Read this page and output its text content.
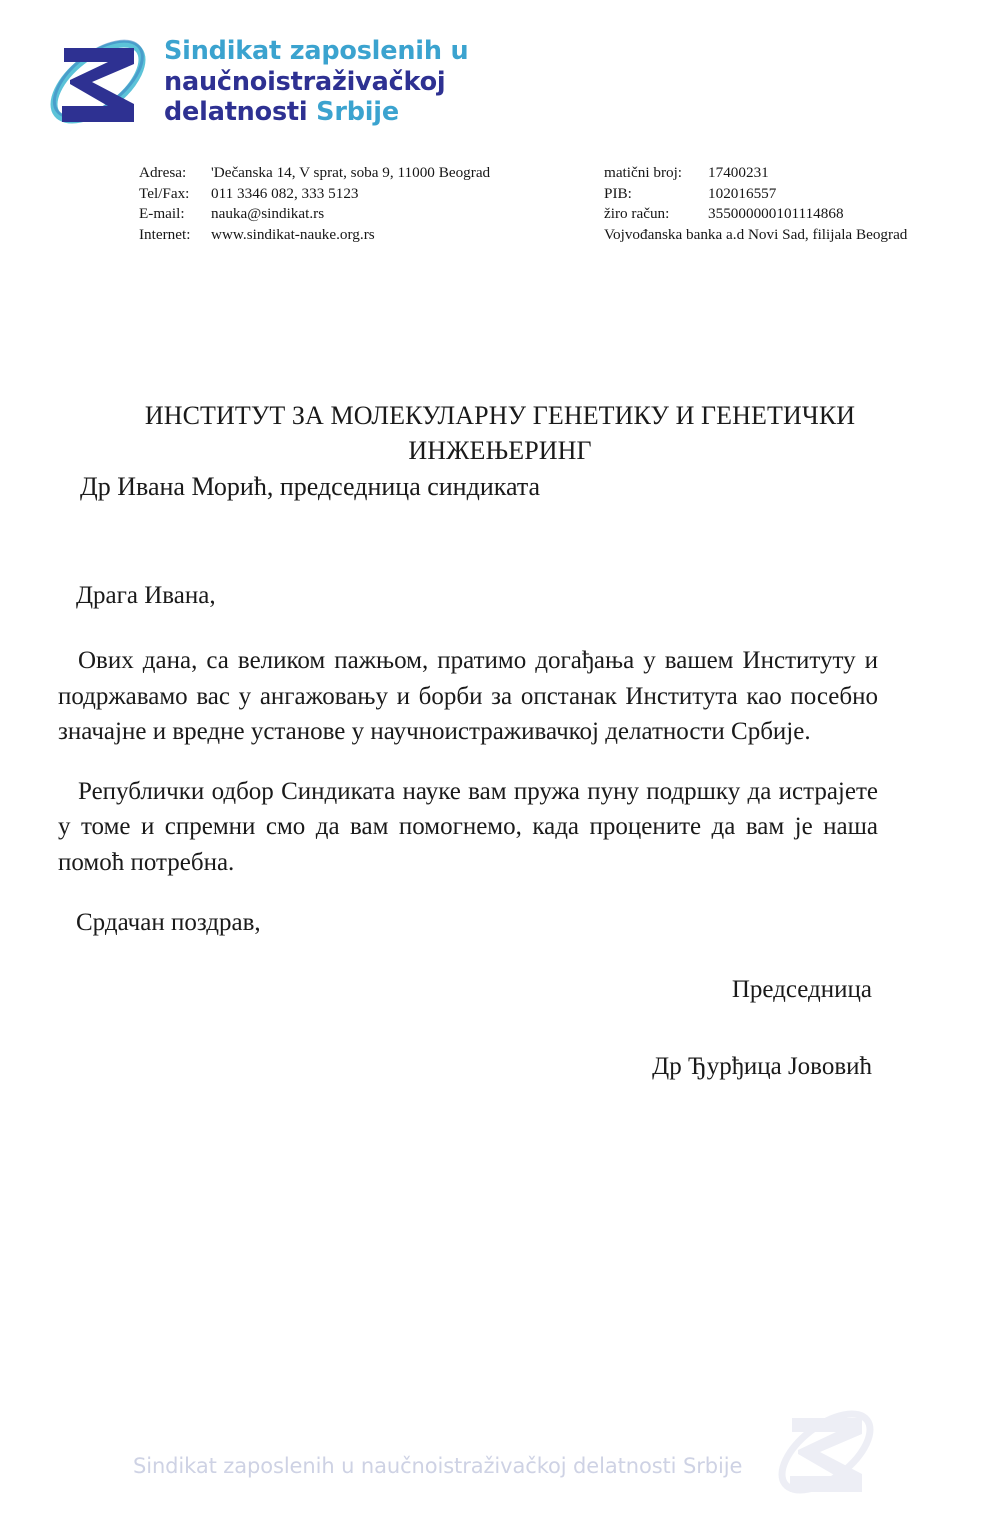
Sindikat zaposlenih u
naučnoistraživačkoj
delatnosti Srbije
Adresa:	'Dečanska 14, V sprat, soba 9, 11000 Beograd
Tel/Fax:	011 3346 082, 333 5123
E-mail:	nauka@sindikat.rs
Internet:	www.sindikat-nauke.org.rs
matični broj:	17400231
PIB:	102016557
žiro račun:	355000000101114868
Vojvođanska banka a.d Novi Sad, filijala Beograd

ИНСТИТУТ ЗА МОЛЕКУЛАРНУ ГЕНЕТИКУ И ГЕНЕТИЧКИ ИНЖЕЊЕРИНГ

Др Ивана Морић, председница синдиката

Драга Ивана,

Ових дана, са великом пажњом, пратимо догађања у вашем Институту и подржавамо вас у ангажовању и борби за опстанак Института као посебно значајне и вредне установе у научноистраживачкој делатности Србије.

Републички одбор Синдиката науке вам пружа пуну подршку да истрајете у томе и спремни смо да вам помогнемо, када процените да вам је наша помоћ потребна.

Срдачан поздрав,

Председница

Др Ђурђица Јововић

Sindikat zaposlenih u naučnoistraživačkoj delatnosti Srbije
